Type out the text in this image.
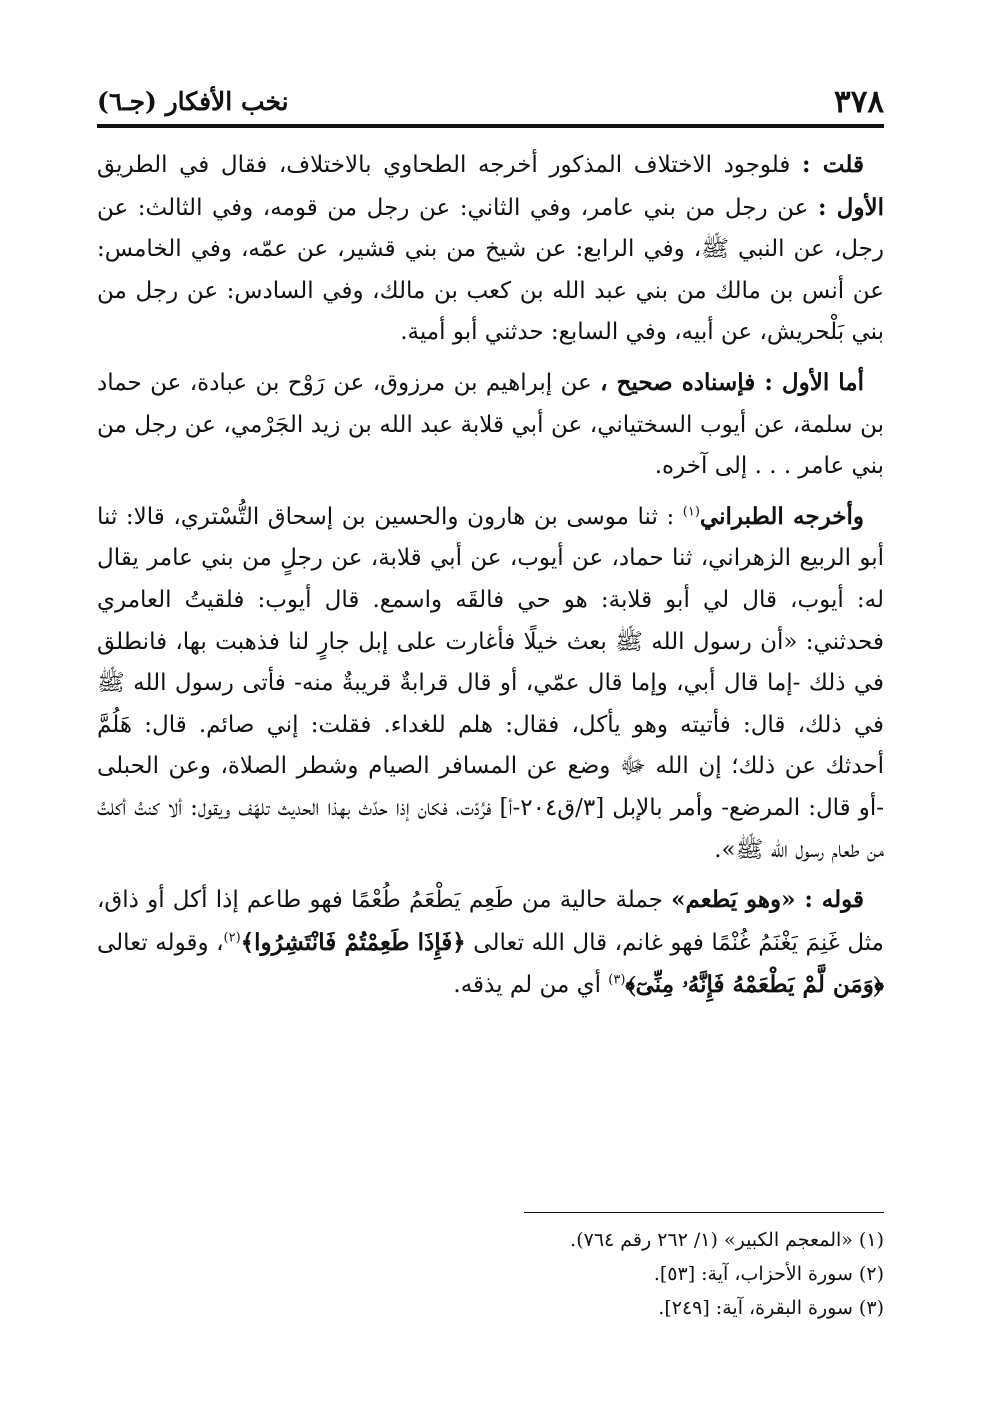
٣٧٨
نخب الأفكار (جـ٦)

قلت : فلوجود الاختلاف المذكور أخرجه الطحاوي بالاختلاف، فقال في الطريق الأول : عن رجل من بني عامر، وفي الثاني: عن رجل من قومه، وفي الثالث: عن رجل، عن النبي ﷺ، وفي الرابع: عن شيخ من بني قشير، عن عمّه، وفي الخامس: عن أنس بن مالك من بني عبد الله بن كعب بن مالك، وفي السادس: عن رجل من بني بَلْحريش، عن أبيه، وفي السابع: حدثني أبو أمية.

أما الأول : فإسناده صحيح ، عن إبراهيم بن مرزوق، عن رَوْح بن عبادة، عن حماد بن سلمة، عن أيوب السختياني، عن أبي قلابة عبد الله بن زيد الجَرْمي، عن رجل من بني عامر . . . إلى آخره.

وأخرجه الطبراني$^{(١)}$ : ثنا موسى بن هارون والحسين بن إسحاق التُّسْتري، قالا: ثنا أبو الربيع الزهراني، ثنا حماد، عن أيوب، عن أبي قلابة، عن رجلٍ من بني عامر يقال له: أيوب، قال لي أبو قلابة: هو حي فالقَه واسمع. قال أيوب: فلقيتُ العامري فحدثني: «أن رسول الله ﷺ بعث خيلًا فأغارت على إبل جارٍ لنا فذهبت بها، فانطلق في ذلك -إما قال أبي، وإما قال عمّي، أو قال قرابةٌ قريبةٌ منه- فأتى رسول الله ﷺ في ذلك، قال: فأتيته وهو يأكل، فقال: هلم للغداء. فقلت: إني صائم. قال: هَلُمَّ أحدثك عن ذلك؛ إن الله ﷻ وضع عن المسافر الصيام وشطر الصلاة، وعن الحبلى -أو قال: المرضع- وأمر بالإبل [٣/ق٢٠٤-أ] فرُدّت، فكان إذا حدّث بهذا الحديث تلهّف ويقول: ألا كنتُ أكلتُ من طعام رسول الله ﷺ».

قوله : «وهو يَطعم» جملة حالية من طَعِم يَطْعَمُ طُعْمًا فهو طاعم إذا أكل أو ذاق، مثل غَنِمَ يَغْنَمُ غُنْمًا فهو غانم، قال الله تعالى ﴿فَإِذَا طَعِمْتُمْ فَانْتَشِرُوا﴾$^{(٢)}$، وقوله تعالى ﴿وَمَن لَّمْ يَطْعَمْهُ فَإِنَّهُۥ مِنِّىٓ﴾$^{(٣)}$ أي من لم يذقه.

(١) «المعجم الكبير» (١/ ٢٦٢ رقم ٧٦٤).

(٢) سورة الأحزاب، آية: [٥٣].

(٣) سورة البقرة، آية: [٢٤٩].
